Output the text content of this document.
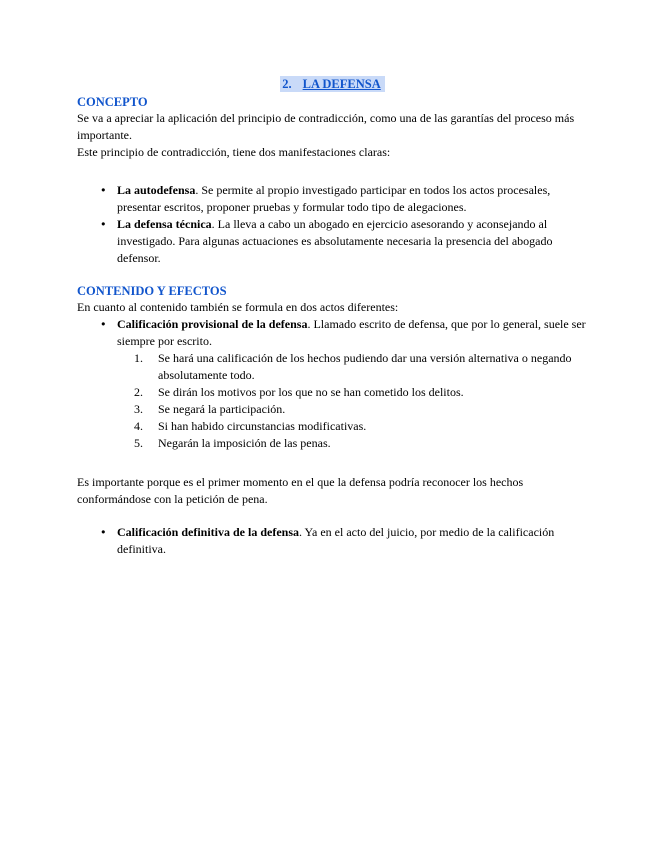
2. LA DEFENSA
CONCEPTO

Se va a apreciar la aplicación del principio de contradicción, como una de las garantías del proceso más importante.

Este principio de contradicción, tiene dos manifestaciones claras:

●
La autodefensa. Se permite al propio investigado participar en todos los actos procesales, presentar escritos, proponer pruebas y formular todo tipo de alegaciones.
●
La defensa técnica. La lleva a cabo un abogado en ejercicio asesorando y aconsejando al investigado. Para algunas actuaciones es absolutamente necesaria la presencia del abogado defensor.
CONTENIDO Y EFECTOS

En cuanto al contenido también se formula en dos actos diferentes:

●
Calificación provisional de la defensa. Llamado escrito de defensa, que por lo general, suele ser siempre por escrito.
1.	Se hará una calificación de los hechos pudiendo dar una versión alternativa o negando absolutamente todo.
2.	Se dirán los motivos por los que no se han cometido los delitos.
3.	Se negará la participación.
4.	Si han habido circunstancias modificativas.
5.	Negarán la imposición de las penas.

Es importante porque es el primer momento en el que la defensa podría reconocer los hechos conformándose con la petición de pena.

●
Calificación definitiva de la defensa. Ya en el acto del juicio, por medio de la calificación definitiva.
